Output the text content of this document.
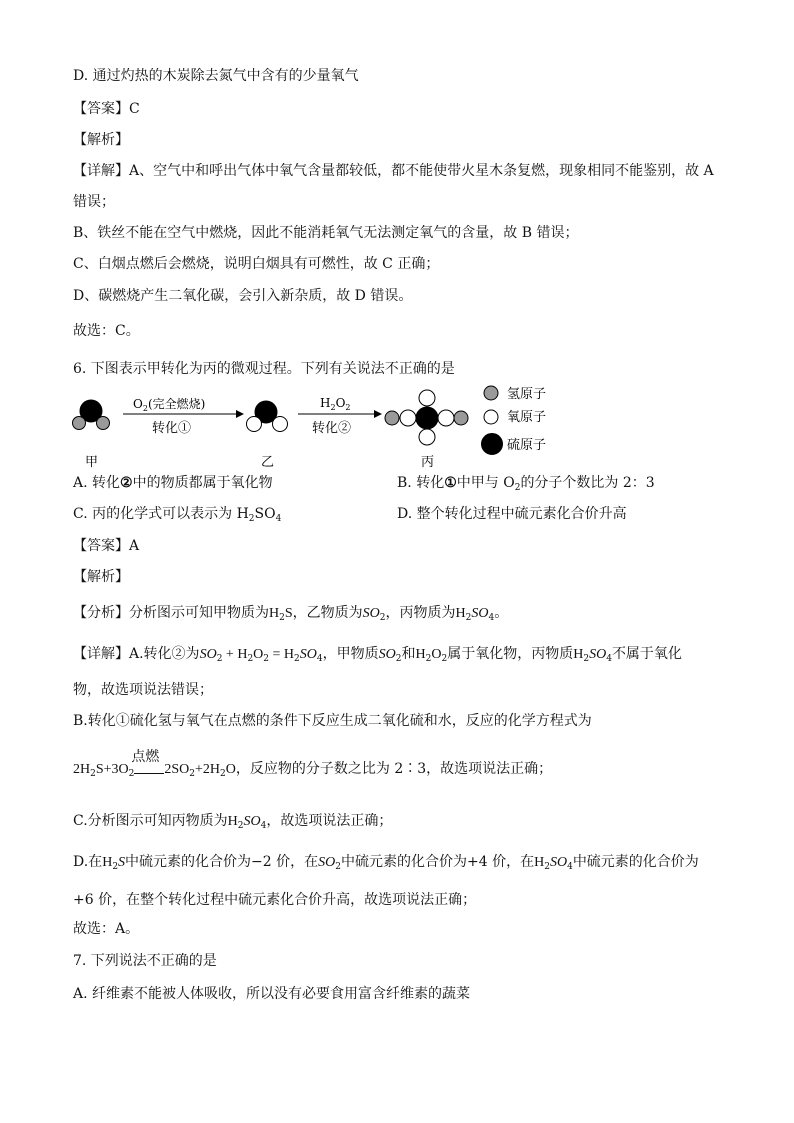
D. 通过灼热的木炭除去氮气中含有的少量氧气
【答案】C
【解析】
【详解】A、空气中和呼出气体中氧气含量都较低，都不能使带火星木条复燃，现象相同不能鉴别，故 A
错误；
B、铁丝不能在空气中燃烧，因此不能消耗氧气无法测定氧气的含量，故 B 错误；
C、白烟点燃后会燃烧，说明白烟具有可燃性，故 C 正确；
D、碳燃烧产生二氧化碳，会引入新杂质，故 D 错误。
故选：C。
6. 下图表示甲转化为丙的微观过程。下列有关说法不正确的是
$O_2$(完全燃烧)
转化①
$H_2O_2$
转化②
氢原子
氧原子
硫原子
甲	乙	丙
A. 转化②中的物质都属于氧化物	B. 转化①中甲与 $O_2$的分子个数比为 2：3
C. 丙的化学式可以表示为 $H_2SO_4$	D. 整个转化过程中硫元素化合价升高
【答案】A
【解析】
【分析】分析图示可知甲物质为$H_2S$，乙物质为$SO_2$，丙物质为$H_2SO_4$。
【详解】A.转化②为$SO_2 + H_2O_2 = H_2SO_4$，甲物质$SO_2$和$H_2O_2$属于氧化物，丙物质$H_2SO_4$不属于氧化
物，故选项说法错误；
B.转化①硫化氢与氧气在点燃的条件下反应生成二氧化硫和水，反应的化学方程式为
$2H_2S+3O_2$
点燃
$2SO_2+2H_2O$，反应物的分子数之比为 2∶3，故选项说法正确；
C.分析图示可知丙物质为$H_2SO_4$，故选项说法正确；
D.在$H_2S$中硫元素的化合价为−2 价，在$SO_2$中硫元素的化合价为+4 价，在$H_2SO_4$中硫元素的化合价为
+6 价，在整个转化过程中硫元素化合价升高，故选项说法正确；
故选：A。
7. 下列说法不正确的是
A. 纤维素不能被人体吸收，所以没有必要食用富含纤维素的蔬菜
